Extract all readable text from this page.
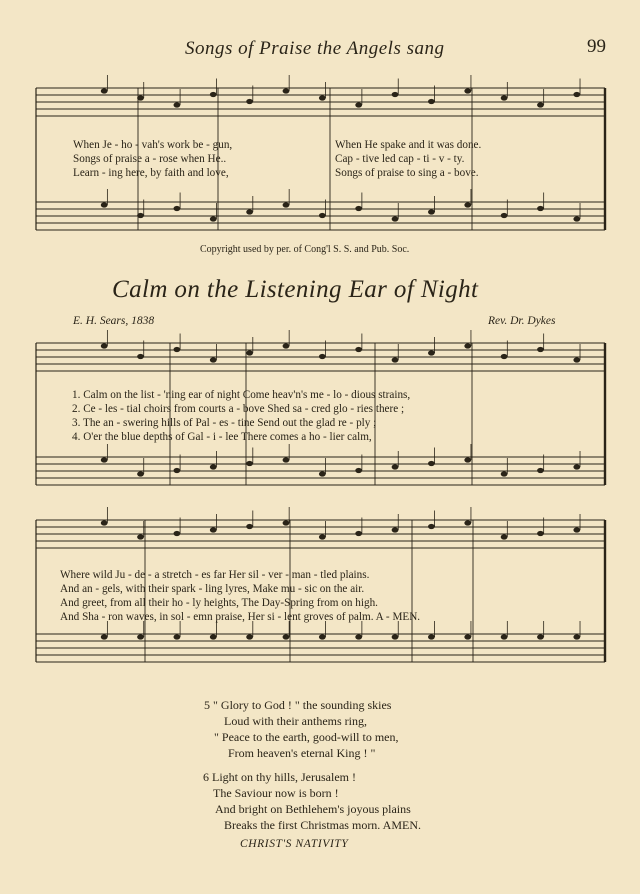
Songs of Praise the Angels sang	99
When Je - ho - vah's work be - gun,	When He spake and it was done.
Songs of praise a - rose when He..	Cap - tive led cap - ti - v - ty.
Learn - ing here, by faith and love,	Songs of praise to sing a - bove.
Copyright used by per. of Cong'l S. S. and Pub. Soc.
Calm on the Listening Ear of Night
E. H. Sears, 1838	Rev. Dr. Dykes
1. Calm on the list - 'ning ear of night Come heav'n's me - lo - dious strains,
2. Ce - les - tial choirs from courts a - bove Shed sa - cred glo - ries there ;
3. The an - swering hills of Pal - es - tine Send out the glad re - ply ;
4. O'er the blue depths of Gal - i - lee There comes a ho - lier calm,
Where wild Ju - de - a stretch - es far Her sil - ver - man - tled plains.
And an - gels, with their spark - ling lyres, Make mu - sic on the air.
And greet, from all their ho - ly heights, The Day-Spring from on high.
And Sha - ron waves, in sol - emn praise, Her si - lent groves of palm. A - MEN.
5 " Glory to God ! " the sounding skies
Loud with their anthems ring,
" Peace to the earth, good-will to men,
From heaven's eternal King ! "
6 Light on thy hills, Jerusalem !
The Saviour now is born !
And bright on Bethlehem's joyous plains
Breaks the first Christmas morn. AMEN.
CHRIST'S NATIVITY
